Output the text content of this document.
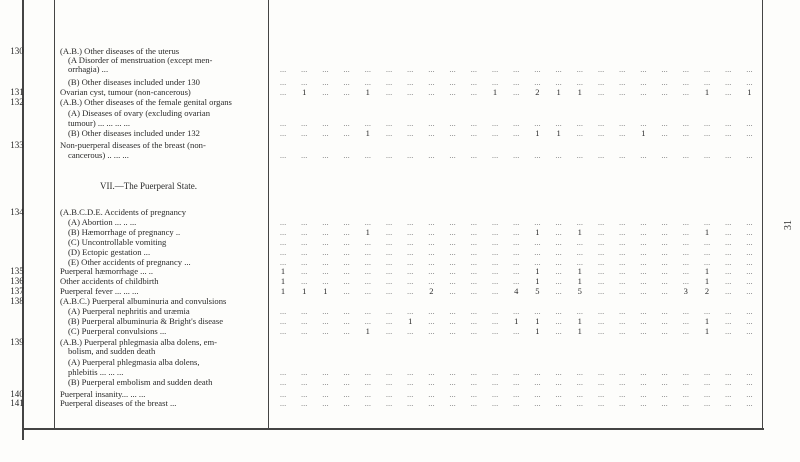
130	(A.B.) Other diseases of the uterus
(A Disorder of menstruation (except men-
orrhagia) ...	...	...	...	...	...	...	...	...	...	...	...	...	...	...	...	...	...	...	...	...	...	...	...
(B) Other diseases included under 130	...	...	...	...	...	...	...	...	...	...	...	...	...	...	...	...	...	...	...	...	...	...	...
131	Ovarian cyst, tumour (non-cancerous)	...	1	...	...	1	...	...	...	...	...	1	...	2	1	1	...	...	...	...	...	1	...	1
132	(A.B.) Other diseases of the female genital organs
(A) Diseases of ovary (excluding ovarian
tumour) ... ... ... ...	...	...	...	...	...	...	...	...	...	...	...	...	...	...	...	...	...	...	...	...	...	...	...
(B) Other diseases included under 132	...	...	...	...	1	...	...	...	...	...	...	...	1	1	...	...	...	1	...	...	...	...	...
133	Non-puerperal diseases of the breast (non-
cancerous) .. ... ...	...	...	...	...	...	...	...	...	...	...	...	...	...	...	...	...	...	...	...	...	...	...	...
VII.—The Puerperal State.
134	(A.B.C.D.E. Accidents of pregnancy
(A) Abortion ... .. ...	...	...	...	...	...	...	...	...	...	...	...	...	...	...	...	...	...	...	...	...	...	...	...
(B) Hæmorrhage of pregnancy ..	...	...	...	...	1	...	...	...	...	...	...	...	1	...	1	...	...	...	...	...	1	...	...
(C) Uncontrollable vomiting	...	...	...	...	...	...	...	...	...	...	...	...	...	...	...	...	...	...	...	...	...	...	...
(D) Ectopic gestation ...	...	...	...	...	...	...	...	...	...	...	...	...	...	...	...	...	...	...	...	...	...	...	...
(E) Other accidents of pregnancy ...	...	...	...	...	...	...	...	...	...	...	...	...	...	...	...	...	...	...	...	...	...	...	...
135	Puerperal hæmorrhage ... ..	1	...	...	...	...	...	...	...	...	...	...	...	1	...	1	...	...	...	...	...	1	...	...
136	Other accidents of childbirth	1	...	...	...	...	...	...	...	...	...	...	...	1	...	1	...	...	...	...	...	1	...	...
137	Puerperal fever ... ... ...	1	1	1	...	...	...	...	2	...	...	...	4	5	...	5	...	...	...	...	3	2	...	...
138	(A.B.C.) Puerperal albuminuria and convulsions
(A) Puerperal nephritis and uræmia	...	...	...	...	...	...	...	...	...	...	...	...	...	...	...	...	...	...	...	...	...	...	...
(B) Puerperal albuminuria & Bright's disease	...	...	...	...	...	...	1	...	...	...	...	1	1	...	1	...	...	...	...	...	1	...	...
(C) Puerperal convulsions ...	...	...	...	...	1	...	...	...	...	...	...	...	1	...	1	...	...	...	...	...	1	...	...
139	(A.B.) Puerperal phlegmasia alba dolens, em-
bolism, and sudden death
(A) Puerperal phlegmasia alba dolens,
phlebitis ... ... ...	...	...	...	...	...	...	...	...	...	...	...	...	...	...	...	...	...	...	...	...	...	...	...
(B) Puerperal embolism and sudden death	...	...	...	...	...	...	...	...	...	...	...	...	...	...	...	...	...	...	...	...	...	...	...
140	Puerperal insanity... ... ...	...	...	...	...	...	...	...	...	...	...	...	...	...	...	...	...	...	...	...	...	...	...	...
141	Puerperal diseases of the breast ...	...	...	...	...	...	...	...	...	...	...	...	...	...	...	...	...	...	...	...	...	...	...	...
31
